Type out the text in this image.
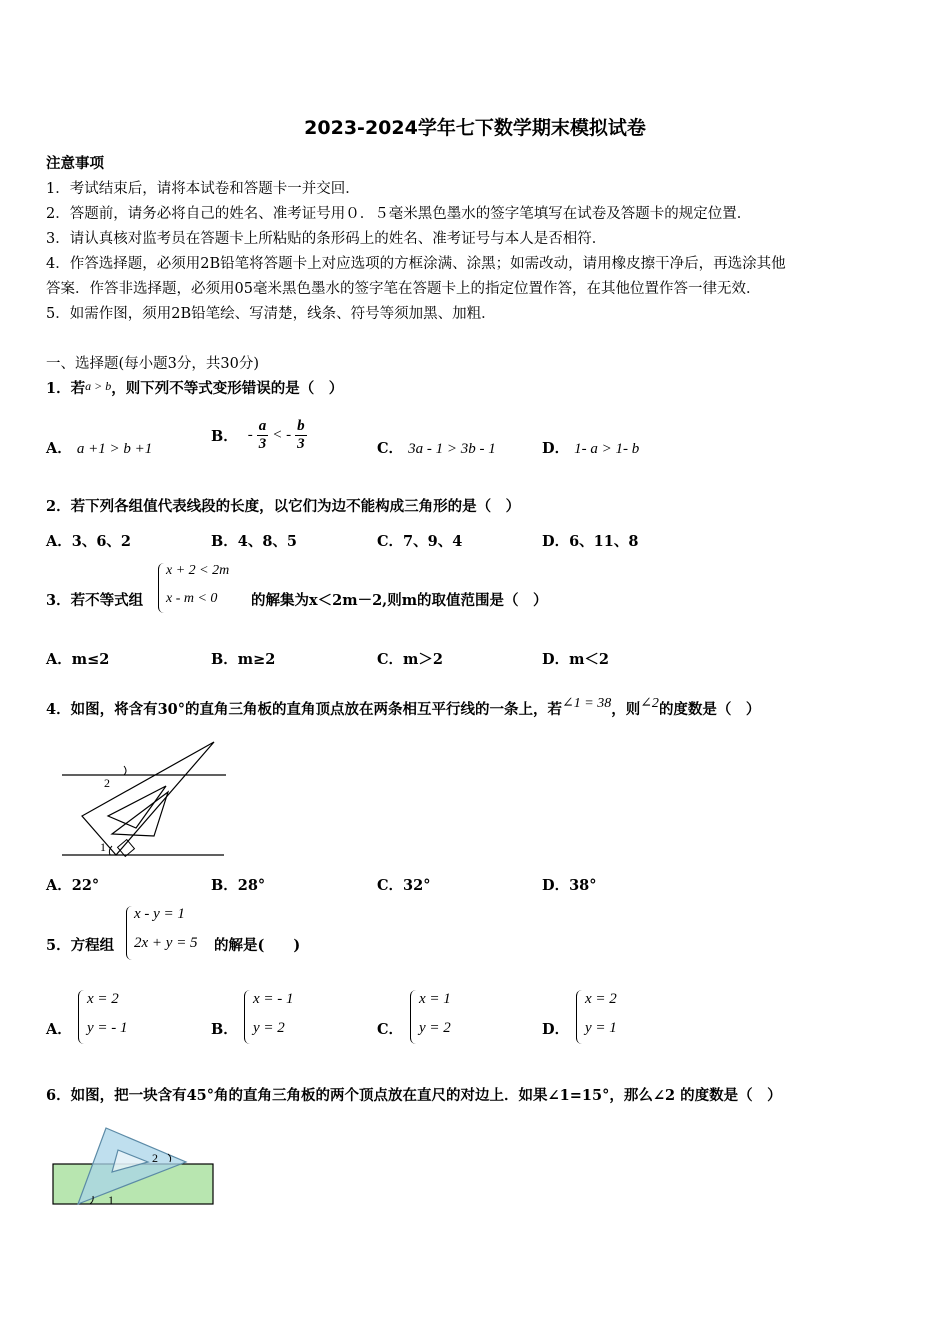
2023-2024学年七下数学期末模拟试卷
注意事项
1．考试结束后，请将本试卷和答题卡一并交回．
2．答题前，请务必将自己的姓名、准考证号用０．５毫米黑色墨水的签字笔填写在试卷及答题卡的规定位置．
3．请认真核对监考员在答题卡上所粘贴的条形码上的姓名、准考证号与本人是否相符．
4．作答选择题，必须用2B铅笔将答题卡上对应选项的方框涂满、涂黑；如需改动，请用橡皮擦干净后，再选涂其他
答案．作答非选择题，必须用05毫米黑色墨水的签字笔在答题卡上的指定位置作答，在其他位置作答一律无效．
5．如需作图，须用2B铅笔绘、写清楚，线条、符号等须加黑、加粗．
一、选择题(每小题3分，共30分)
1．若$^{a > b}$，则下列不等式变形错误的是（　）
A． a +1 > b +1
B． - $\frac{a}{3}$ < - $\frac{b}{3}$	C． 3a - 1 > 3b - 1	D． 1- a > 1- b
2．若下列各组值代表线段的长度，以它们为边不能构成三角形的是（　）
A．3、6、2	B．4、8、5	C．7、9、4	D．6、11、8
3．若不等式组
x + 2 < 2m
x - m < 0 的解集为x＜2m－2,则m的取值范围是（　）
A．m≤2	B．m≥2	C．m＞2	D．m＜2
4．如图，将含有30°的直角三角板的直角顶点放在两条相互平行线的一条上，若∠1 = 38，则∠2的度数是（　）
2
1
A．22°	B．28°	C．32°	D．38°
5．方程组
x - y = 1
2x + y = 5 的解是(　　)
A．
x = 2
y = - 1	B．
x = - 1
y = 2	C．
x = 1
y = 2	D．
x = 2
y = 1
6．如图，把一块含有45°角的直角三角板的两个顶点放在直尺的对边上．如果∠1=15°，那么∠2 的度数是（　）
2
1
